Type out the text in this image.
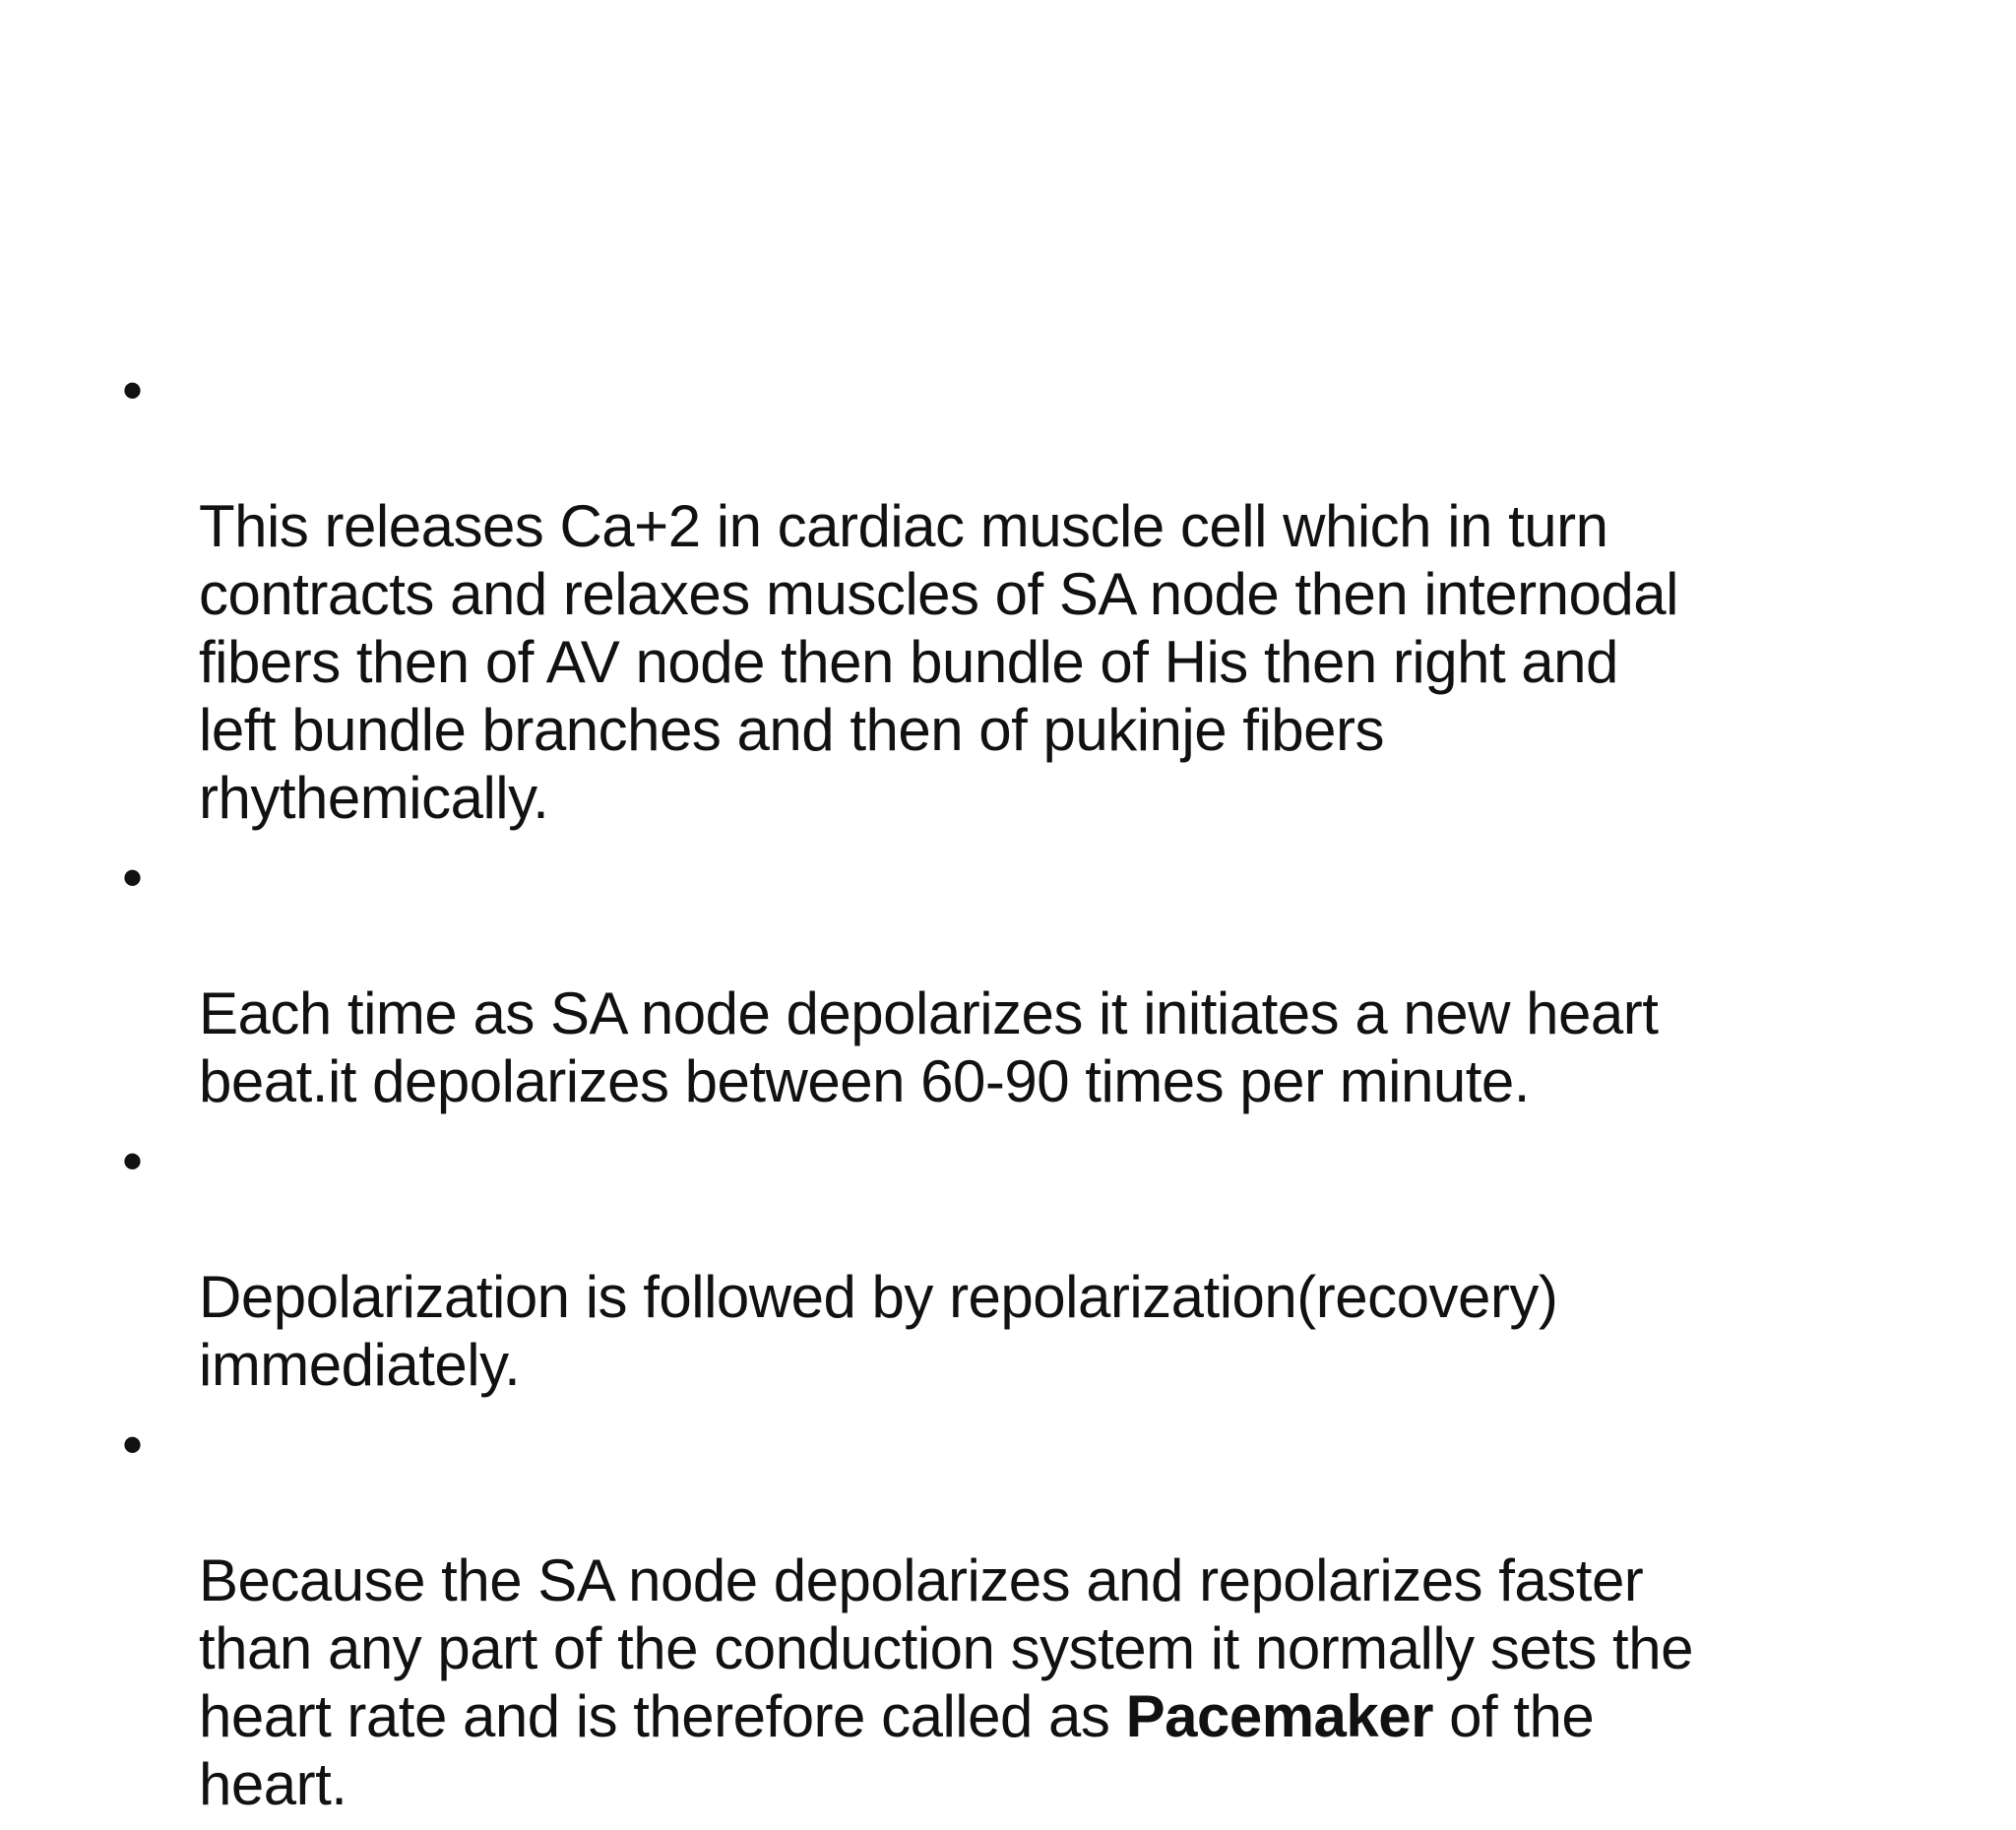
•

This releases Ca+2 in cardiac muscle cell which in turn
contracts and relaxes muscles of SA node then internodal
fibers then of AV node then bundle of His then right and
left bundle branches and then of pukinje fibers
rhythemically.

•

Each time as SA node depolarizes it initiates a new heart
beat.it depolarizes between 60-90 times per minute.

•

Depolarization is followed by repolarization(recovery)
immediately.

•

Because the SA node depolarizes and repolarizes faster
than any part of the conduction system it normally sets the
heart rate and is therefore called as Pacemaker of the
heart.
